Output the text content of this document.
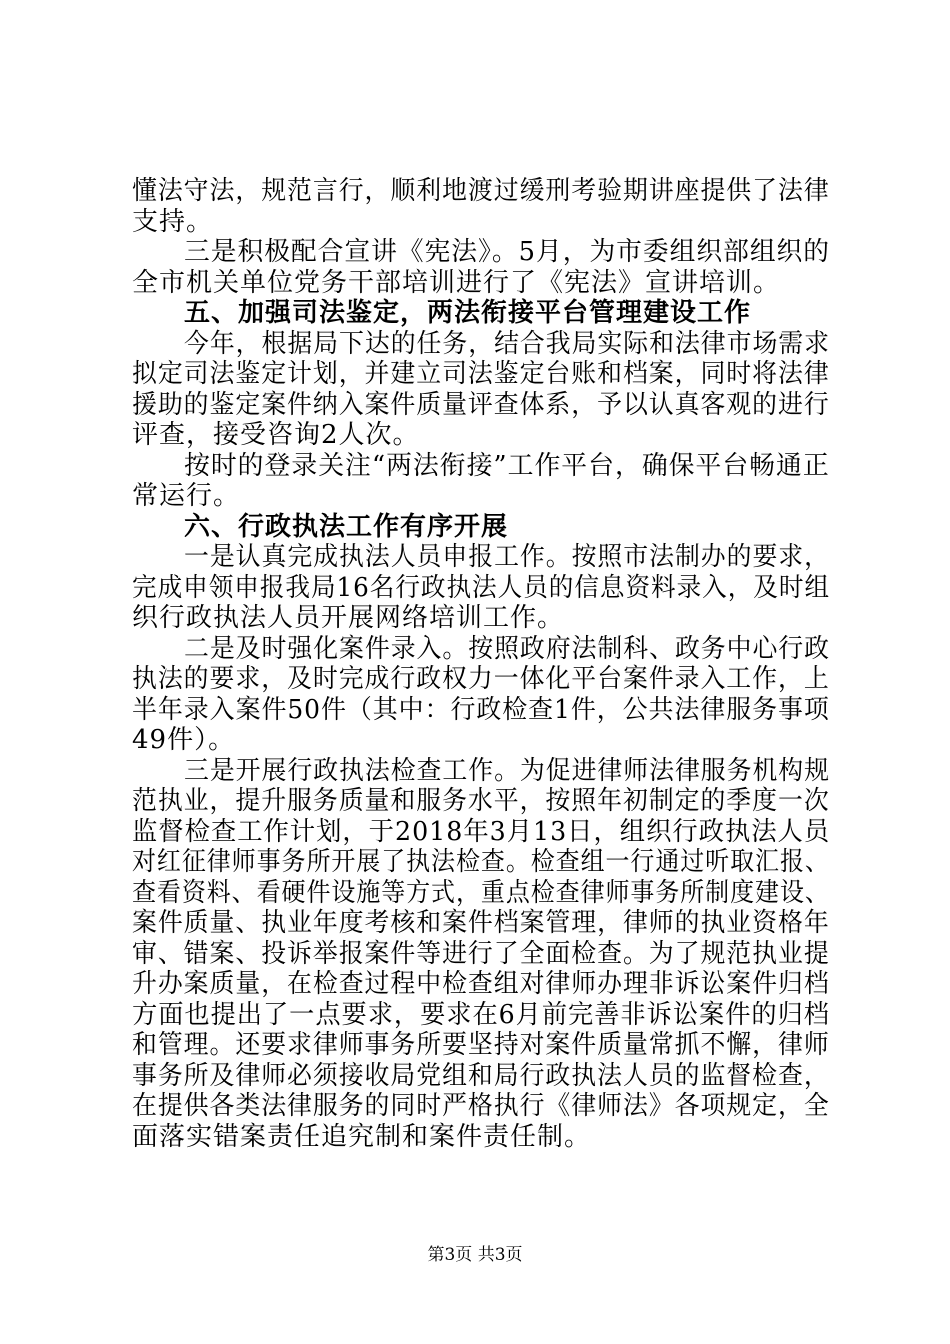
懂法守法，规范言行，顺利地渡过缓刑考验期讲座提供了法律
支持。
三是积极配合宣讲《宪法》。5月，为市委组织部组织的
全市机关单位党务干部培训进行了《宪法》宣讲培训。
五、加强司法鉴定，两法衔接平台管理建设工作
今年，根据局下达的任务，结合我局实际和法律市场需求
拟定司法鉴定计划，并建立司法鉴定台账和档案，同时将法律
援助的鉴定案件纳入案件质量评查体系，予以认真客观的进行
评查，接受咨询2人次。
按时的登录关注“两法衔接”工作平台，确保平台畅通正
常运行。
六、行政执法工作有序开展
一是认真完成执法人员申报工作。按照市法制办的要求，
完成申领申报我局16名行政执法人员的信息资料录入，及时组
织行政执法人员开展网络培训工作。
二是及时强化案件录入。按照政府法制科、政务中心行政
执法的要求，及时完成行政权力一体化平台案件录入工作，上
半年录入案件50件（其中：行政检查1件，公共法律服务事项
49件）。
三是开展行政执法检查工作。为促进律师法律服务机构规
范执业，提升服务质量和服务水平，按照年初制定的季度一次
监督检查工作计划，于2018年3月13日，组织行政执法人员
对红征律师事务所开展了执法检查。检查组一行通过听取汇报、
查看资料、看硬件设施等方式，重点检查律师事务所制度建设、
案件质量、执业年度考核和案件档案管理，律师的执业资格年
审、错案、投诉举报案件等进行了全面检查。为了规范执业提
升办案质量，在检查过程中检查组对律师办理非诉讼案件归档
方面也提出了一点要求，要求在6月前完善非诉讼案件的归档
和管理。还要求律师事务所要坚持对案件质量常抓不懈，律师
事务所及律师必须接收局党组和局行政执法人员的监督检查，
在提供各类法律服务的同时严格执行《律师法》各项规定，全
面落实错案责任追究制和案件责任制。
第3页 共3页
